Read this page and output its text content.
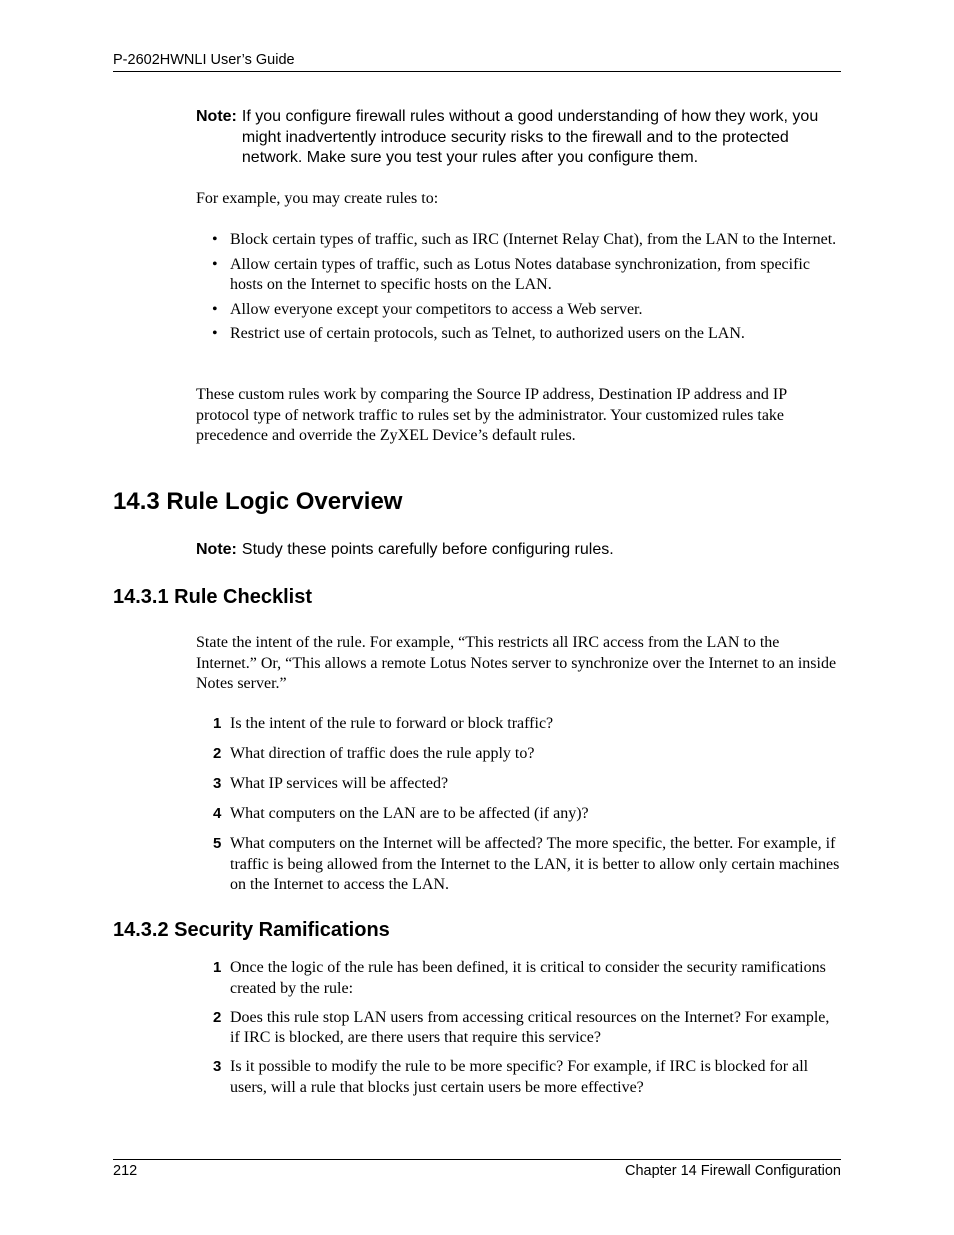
P-2602HWNLI User’s Guide
Note: If you configure firewall rules without a good understanding of how they work, you might inadvertently introduce security risks to the firewall and to the protected network. Make sure you test your rules after you configure them.
For example, you may create rules to:
• Block certain types of traffic, such as IRC (Internet Relay Chat), from the LAN to the Internet.
• Allow certain types of traffic, such as Lotus Notes database synchronization, from specific hosts on the Internet to specific hosts on the LAN.
• Allow everyone except your competitors to access a Web server.
• Restrict use of certain protocols, such as Telnet, to authorized users on the LAN.
These custom rules work by comparing the Source IP address, Destination IP address and IP protocol type of network traffic to rules set by the administrator. Your customized rules take precedence and override the ZyXEL Device’s default rules.
14.3 Rule Logic Overview
Note: Study these points carefully before configuring rules.
14.3.1 Rule Checklist
State the intent of the rule. For example, “This restricts all IRC access from the LAN to the Internet.” Or, “This allows a remote Lotus Notes server to synchronize over the Internet to an inside Notes server.”
1 Is the intent of the rule to forward or block traffic?
2 What direction of traffic does the rule apply to?
3 What IP services will be affected?
4 What computers on the LAN are to be affected (if any)?
5 What computers on the Internet will be affected? The more specific, the better. For example, if traffic is being allowed from the Internet to the LAN, it is better to allow only certain machines on the Internet to access the LAN.
14.3.2 Security Ramifications
1 Once the logic of the rule has been defined, it is critical to consider the security ramifications created by the rule:
2 Does this rule stop LAN users from accessing critical resources on the Internet? For example, if IRC is blocked, are there users that require this service?
3 Is it possible to modify the rule to be more specific? For example, if IRC is blocked for all users, will a rule that blocks just certain users be more effective?
212	Chapter 14 Firewall Configuration
